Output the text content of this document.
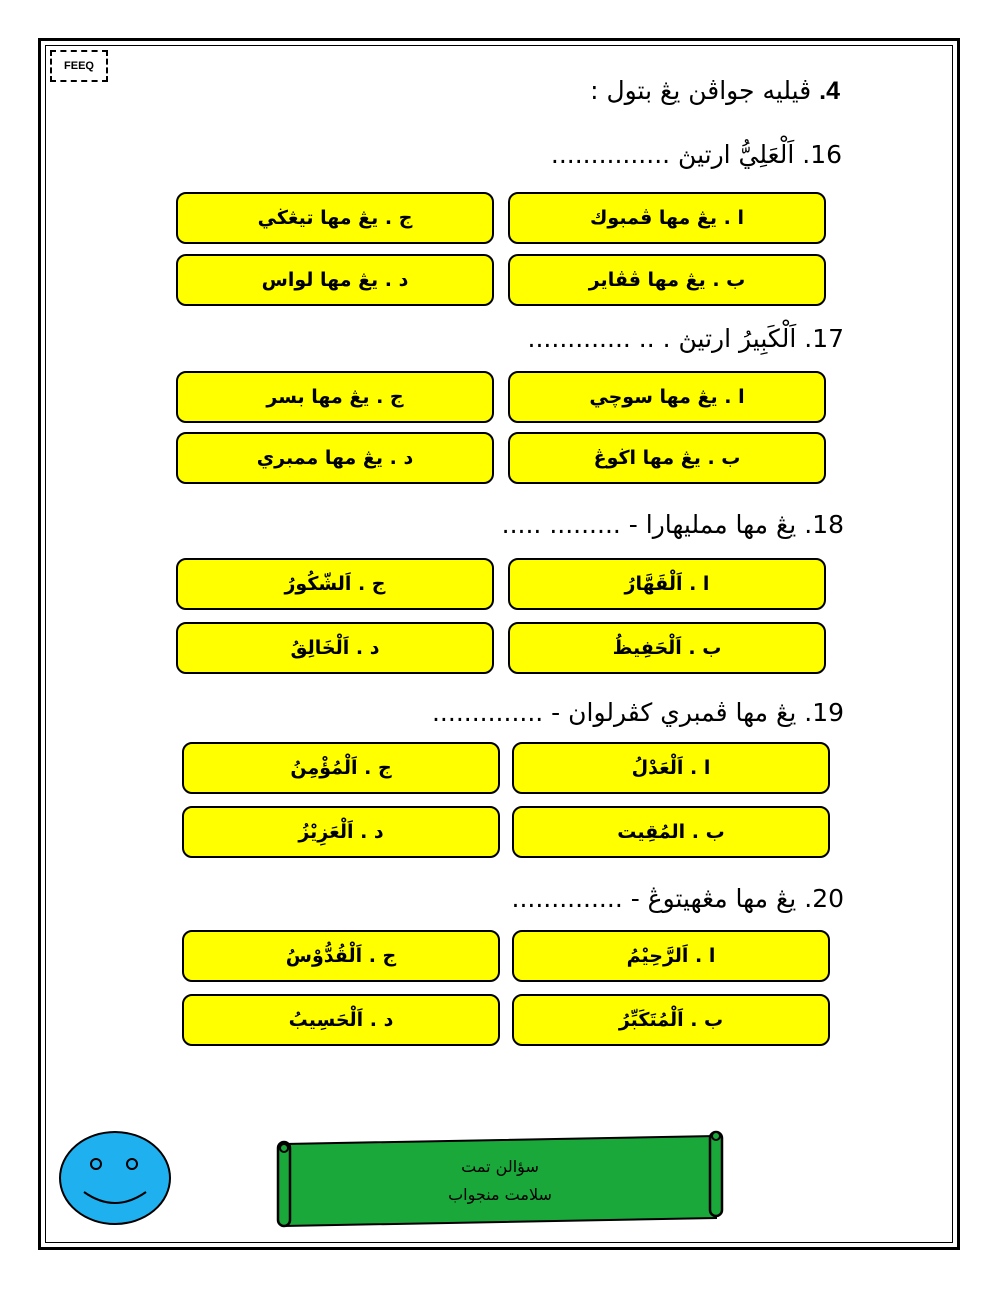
FEEQ
4. ڤيليه جواڤن يڠ بتول :
16. اَلْعَلِيُّ ارتيڽ ...............
ا . يڠ مها ڤمبوك
ج . يڠ مها تيڠڬي
ب . يڠ مها ڤڤاير
د . يڠ مها لواس
17. اَلْكَبِيرُ ارتيڽ . .. .............
ا . يڠ مها سوچي
ج . يڠ مها بسر
ب . يڠ مها اڬوڠ
د . يڠ مها ممبري
18. يڠ مها ممليهارا - ......... .....
ا . اَلْقَهَّارُ
ج . اَلشّكُورُ
ب . اَلْحَفِيظُ
د . اَلْخَالِقُ
19. يڠ مها ڤمبري كڤرلوان - ..............
ا . اَلْعَدْلُ
ج . اَلْمُؤْمِنُ
ب . المُقِيت
د . اَلْعَزِيْزُ
20. يڠ مها مڠهيتوڠ - ..............
ا . اَلرَّحِيْمُ
ج . اَلْقُدُّوْسُ
ب . اَلْمُتَكَبِّرُ
د . اَلْحَسِيبُ
سؤالن تمت
سلامت منجواب
